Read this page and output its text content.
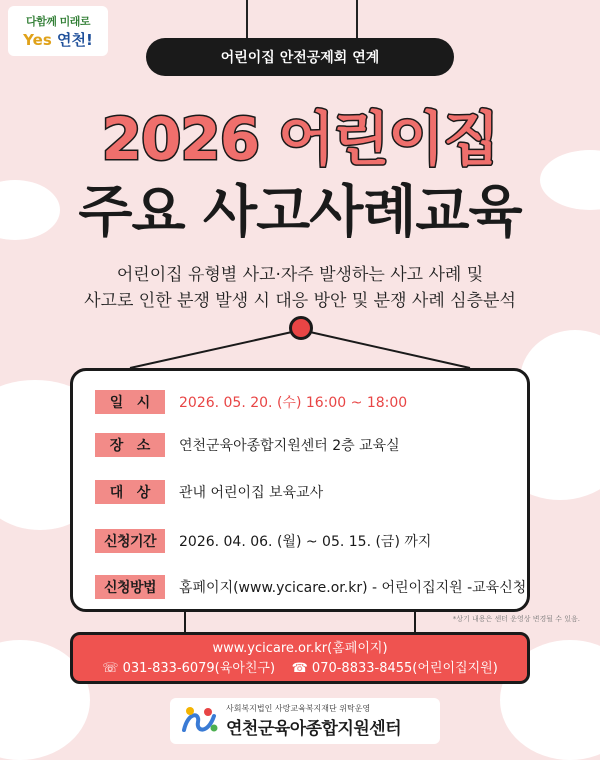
다함께 미래로
Yes 연천!
어린이집 안전공제회 연계
2026 어린이집
주요 사고사례교육
어린이집 유형별 사고·자주 발생하는 사고 사례 및
사고로 인한 분쟁 발생 시 대응 방안 및 분쟁 사례 심층분석
일 시 2026. 05. 20. (수) 16:00 ~ 18:00
장 소 연천군육아종합지원센터 2층 교육실
대 상 관내 어린이집 보육교사
신청기간	2026. 04. 06. (월) ~ 05. 15. (금) 까지
신청방법	홈페이지(www.ycicare.or.kr) - 어린이집지원 -교육신청
*상기 내용은 센터 운영상 변경될 수 있음.
www.ycicare.or.kr(홈페이지)
☏ 031-833-6079(육아친구) ☎ 070-8833-8455(어린이집지원)
사회복지법인 사랑교육복지재단 위탁운영
연천군육아종합지원센터
